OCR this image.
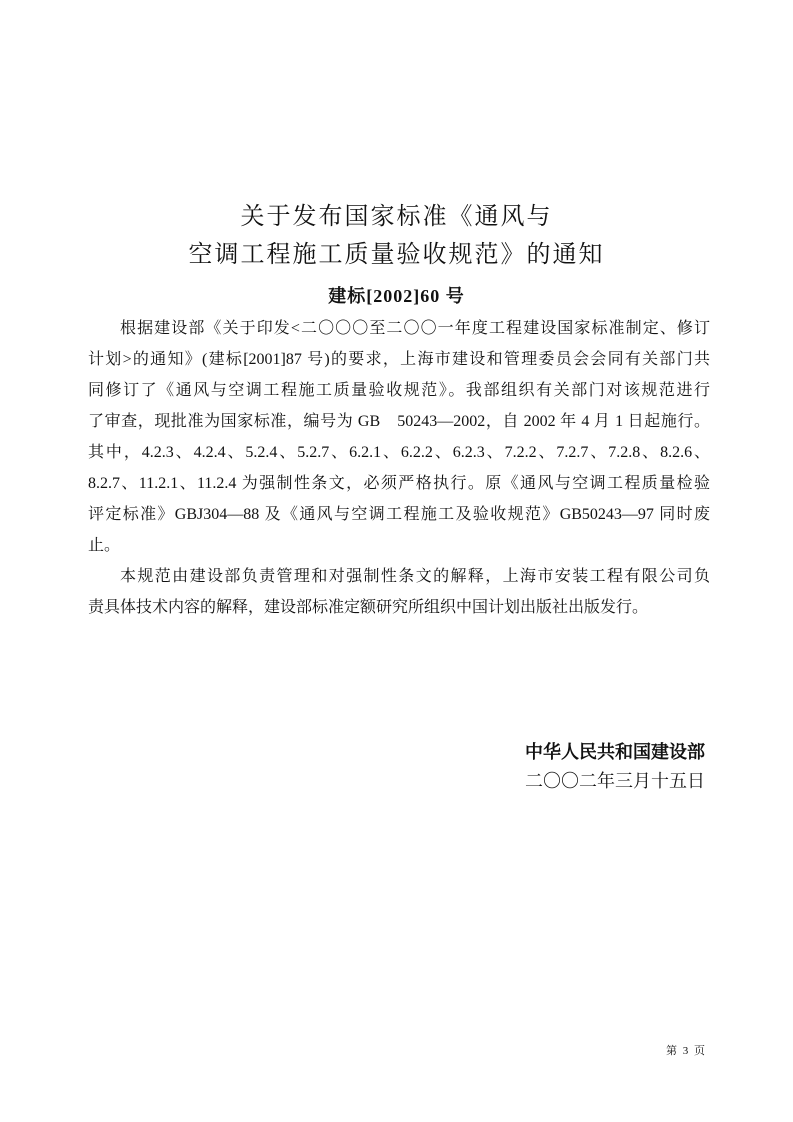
关于发布国家标准《通风与
空调工程施工质量验收规范》的通知
建标[2002]60 号
根据建设部《关于印发<二〇〇〇至二〇〇一年度工程建设国家标准制定、修订
计划>的通知》(建标[2001]87 号)的要求，上海市建设和管理委员会会同有关部门共
同修订了《通风与空调工程施工质量验收规范》。我部组织有关部门对该规范进行
了审查，现批准为国家标准，编号为 GB　50243—2002，自 2002 年 4 月 1 日起施行。
其中，4.2.3、4.2.4、5.2.4、5.2.7、6.2.1、6.2.2、6.2.3、7.2.2、7.2.7、7.2.8、8.2.6、
8.2.7、11.2.1、11.2.4 为强制性条文，必须严格执行。原《通风与空调工程质量检验
评定标准》GBJ304—88 及《通风与空调工程施工及验收规范》GB50243—97 同时废
止。
本规范由建设部负责管理和对强制性条文的解释，上海市安装工程有限公司负
责具体技术内容的解释，建设部标准定额研究所组织中国计划出版社出版发行。
中华人民共和国建设部
二〇〇二年三月十五日
第 3 页
